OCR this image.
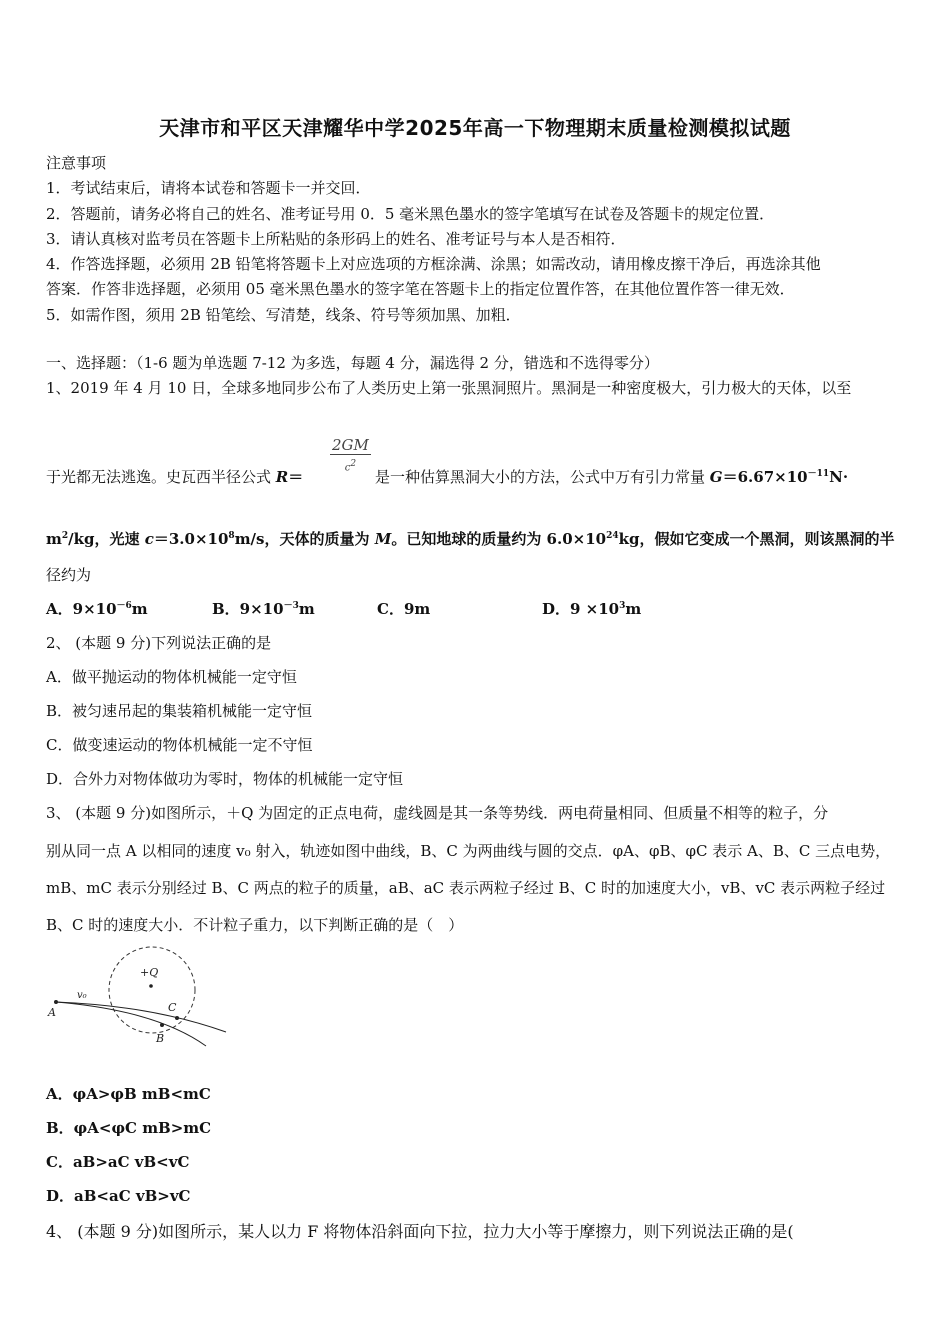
天津市和平区天津耀华中学2025年高一下物理期末质量检测模拟试题
注意事项
1．考试结束后，请将本试卷和答题卡一并交回．
2．答题前，请务必将自己的姓名、准考证号用 0．5 毫米黑色墨水的签字笔填写在试卷及答题卡的规定位置．
3．请认真核对监考员在答题卡上所粘贴的条形码上的姓名、准考证号与本人是否相符．
4．作答选择题，必须用 2B 铅笔将答题卡上对应选项的方框涂满、涂黑；如需改动，请用橡皮擦干净后，再选涂其他
答案．作答非选择题，必须用 05 毫米黑色墨水的签字笔在答题卡上的指定位置作答，在其他位置作答一律无效．
5．如需作图，须用 2B 铅笔绘、写清楚，线条、符号等须加黑、加粗．
一、选择题：（1-6 题为单选题 7-12 为多选，每题 4 分，漏选得 2 分，错选和不选得零分）
1、2019 年 4 月 10 日，全球多地同步公布了人类历史上第一张黑洞照片。黑洞是一种密度极大，引力极大的天体，以至
于光都无法逃逸。史瓦西半径公式 R＝
2GM
$c^2$
是一种估算黑洞大小的方法，公式中万有引力常量 $G=6.67\times 10^{-11}N\cdot$
$m^2/kg$，光速 $c=3.0\times 10^8m/s$，天体的质量为 M。已知地球的质量约为 $6.0\times 10^{24}kg$，假如它变成一个黑洞，则该黑洞的半
径约为
A．$9\times 10^{-6}m$	B．$9\times 10^{-3}m$	C．9m	D．$9 \times 10^3m$
2、 (本题 9 分)下列说法正确的是
A．做平抛运动的物体机械能一定守恒
B．被匀速吊起的集装箱机械能一定守恒
C．做变速运动的物体机械能一定不守恒
D．合外力对物体做功为零时，物体的机械能一定守恒
3、 (本题 9 分)如图所示，＋Q 为固定的正点电荷，虚线圆是其一条等势线．两电荷量相同、但质量不相等的粒子，分
别从同一点 A 以相同的速度 v₀ 射入，轨迹如图中曲线，B、C 为两曲线与圆的交点．φA、φB、φC 表示 A、B、C 三点电势，
mB、mC 表示分别经过 B、C 两点的粒子的质量，aB、aC 表示两粒子经过 B、C 时的加速度大小，vB、vC 表示两粒子经过
B、C 时的速度大小．不计粒子重力，以下判断正确的是（　）
+Q
A
v₀
C
B
A．φA>φB mB<mC
B．φA<φC mB>mC
C．aB>aC vB<vC
D．aB<aC vB>vC
4、 (本题 9 分)如图所示，某人以力 F 将物体沿斜面向下拉，拉力大小等于摩擦力，则下列说法正确的是(
